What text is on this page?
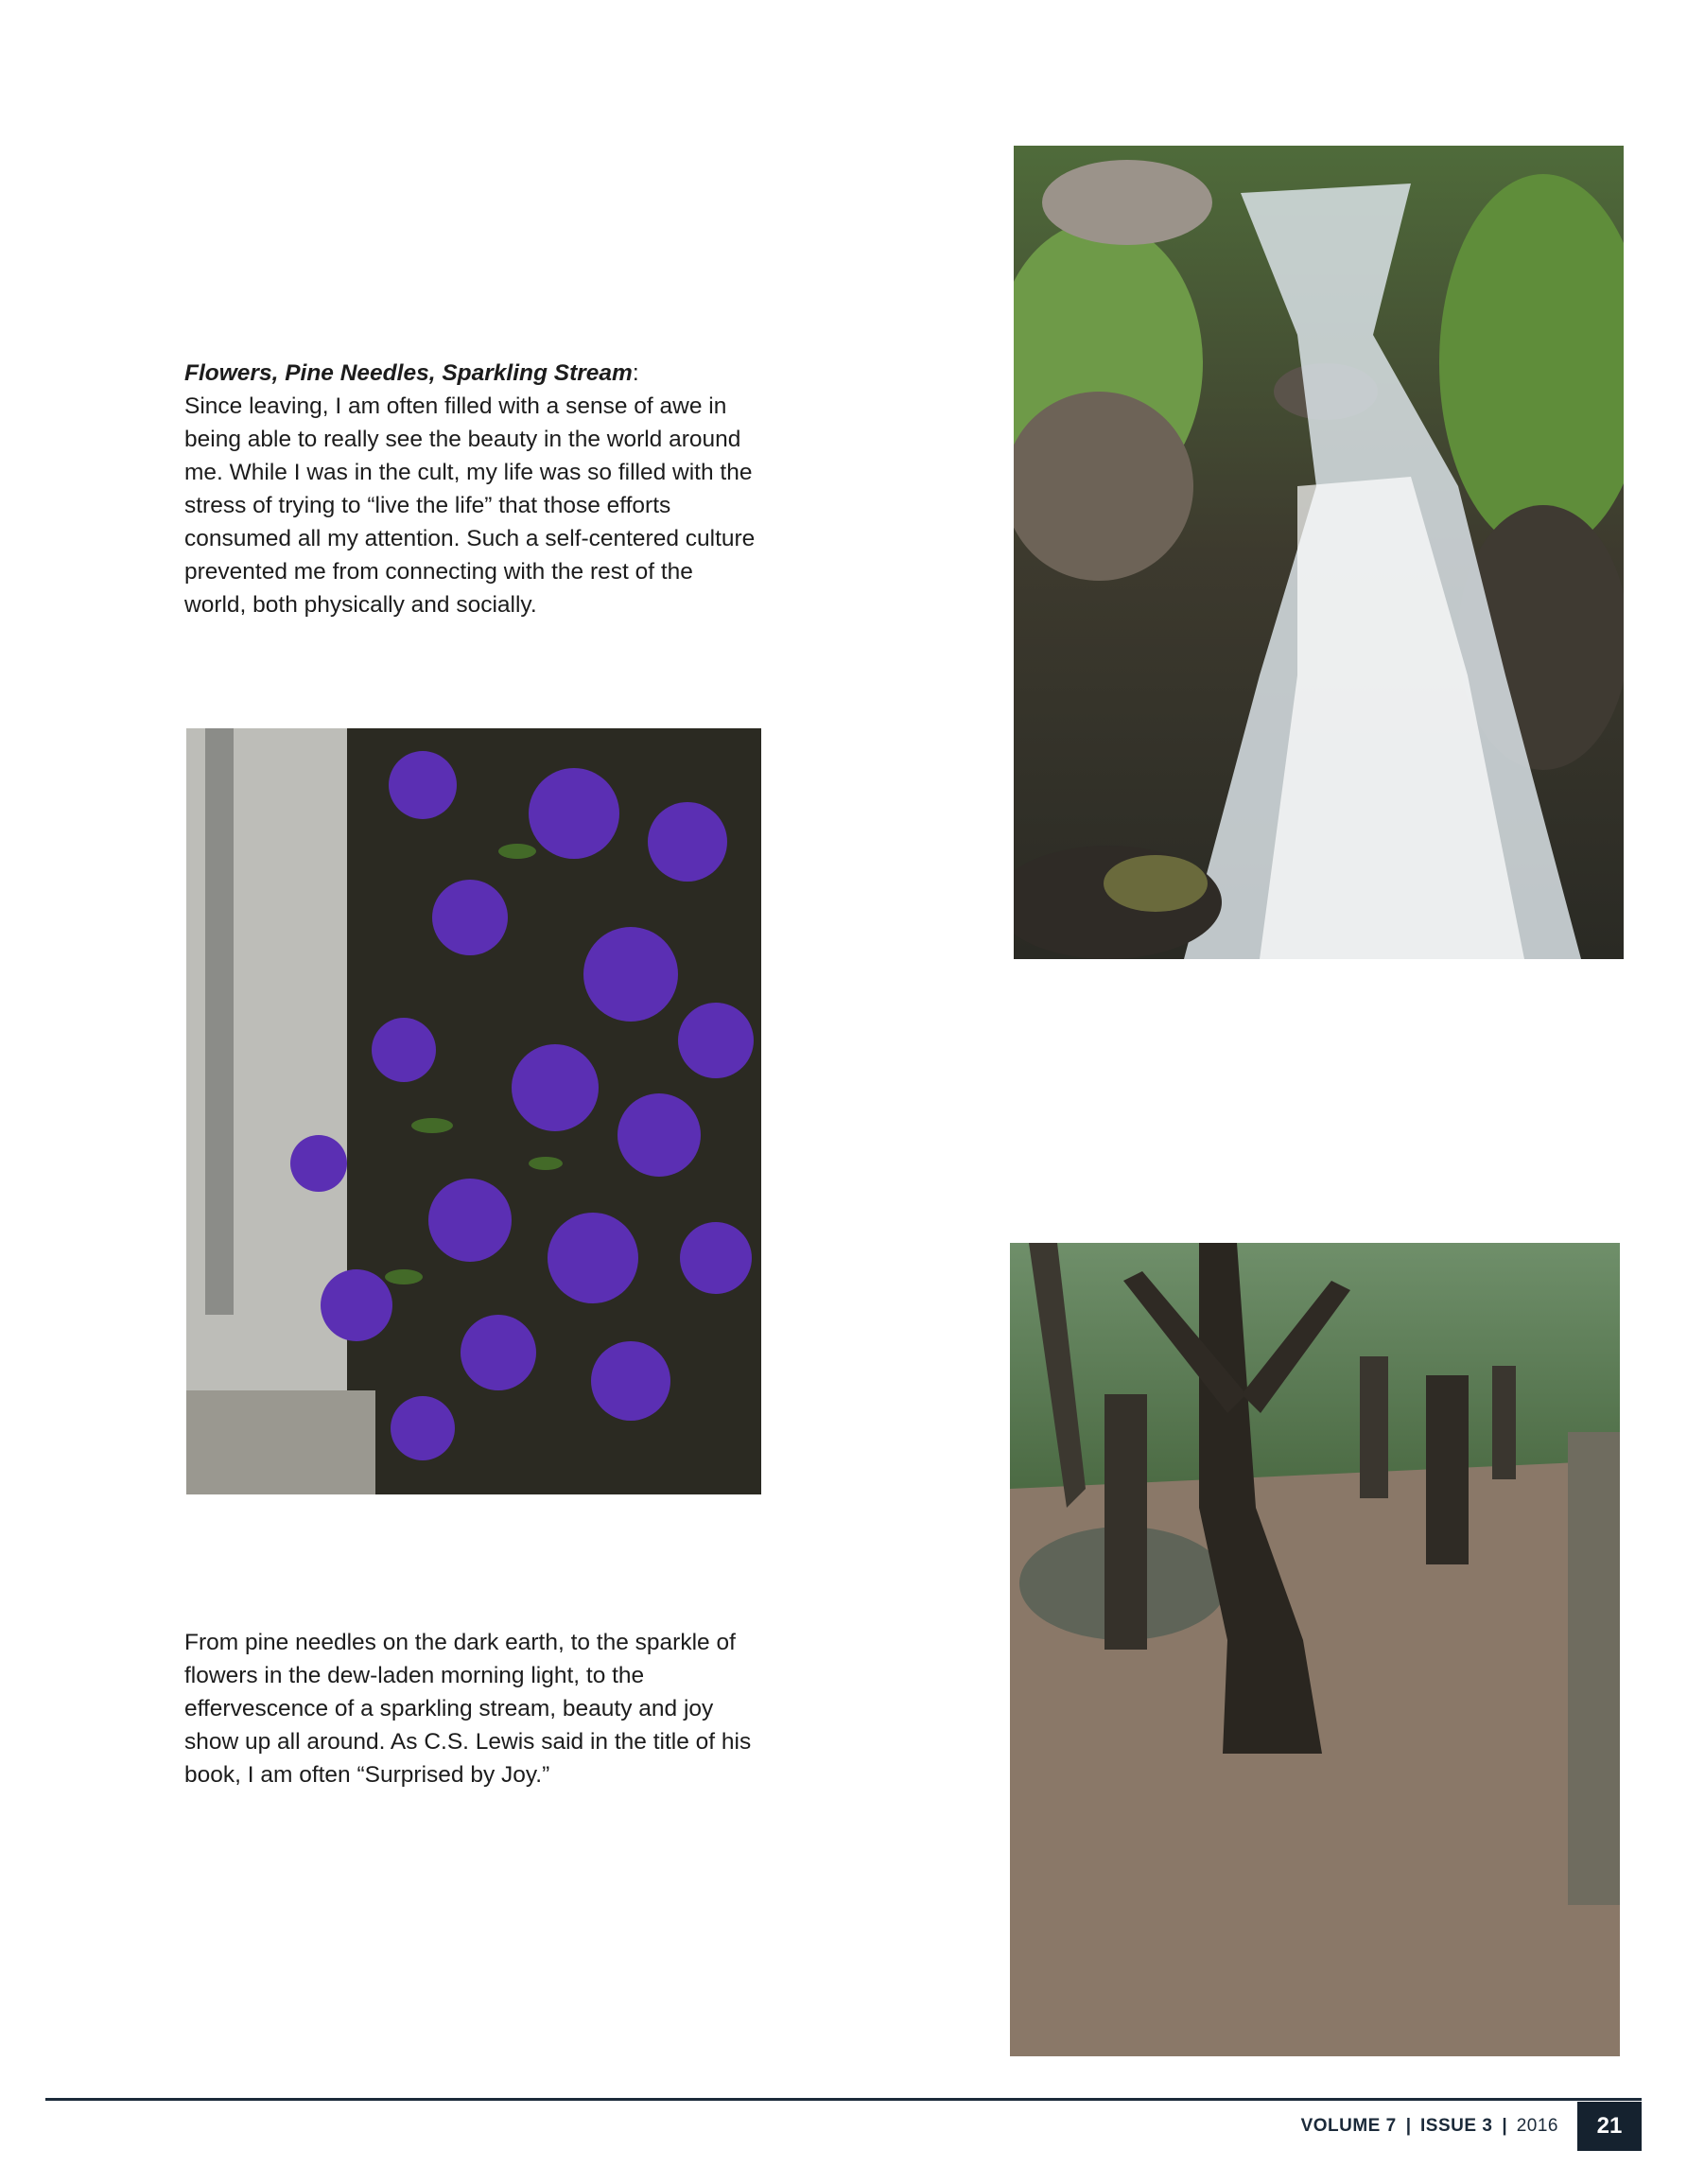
Flowers, Pine Needles, Sparkling Stream:

Since leaving, I am often filled with a sense of awe in being able to really see the beauty in the world around me. While I was in the cult, my life was so filled with the stress of trying to “live the life” that those efforts consumed all my attention. Such a self-centered culture prevented me from connecting with the rest of the world, both physically and socially.

From pine needles on the dark earth, to the sparkle of flowers in the dew-laden morning light, to the effervescence of a sparkling stream, beauty and joy show up all around. As C.S. Lewis said in the title of his book, I am often “Surprised by Joy.”

VOLUME 7 | ISSUE 3 | 2016	21
